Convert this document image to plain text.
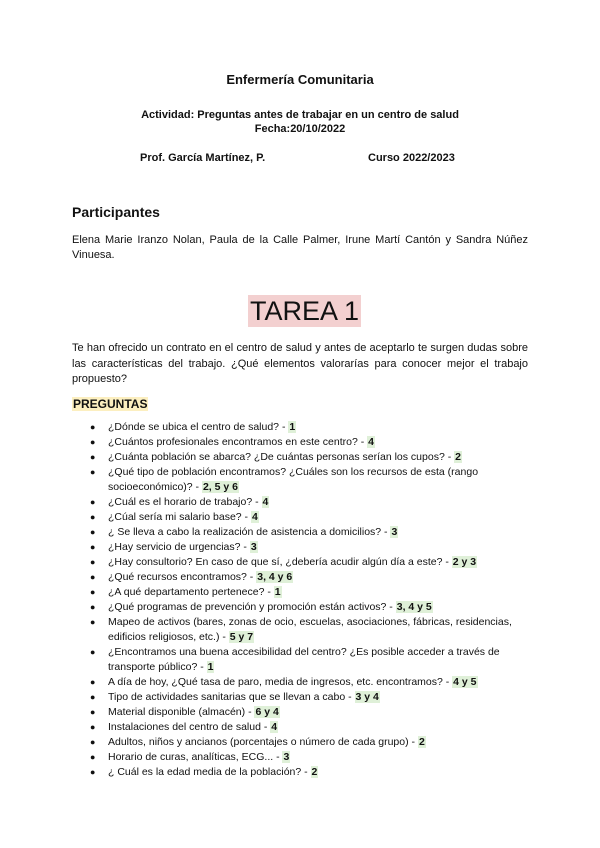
Enfermería Comunitaria
Actividad: Preguntas antes de trabajar en un centro de salud
Fecha:20/10/2022
Prof. García Martínez, P.	Curso 2022/2023
Participantes
Elena Marie Iranzo Nolan, Paula de la Calle Palmer, Irune Martí Cantón y Sandra Núñez Vinuesa.
TAREA 1
Te han ofrecido un contrato en el centro de salud y antes de aceptarlo te surgen dudas sobre las características del trabajo. ¿Qué elementos valorarías para conocer mejor el trabajo propuesto?
PREGUNTAS
● ¿Dónde se ubica el centro de salud? - 1
● ¿Cuántos profesionales encontramos en este centro? - 4
● ¿Cuánta población se abarca? ¿De cuántas personas serían los cupos? - 2
● ¿Qué tipo de población encontramos? ¿Cuáles son los recursos de esta (rango socioeconómico)? - 2, 5 y 6
● ¿Cuál es el horario de trabajo? - 4
● ¿Cúal sería mi salario base? - 4
● ¿ Se lleva a cabo la realización de asistencia a domicilios? - 3
● ¿Hay servicio de urgencias? - 3
● ¿Hay consultorio? En caso de que sí, ¿debería acudir algún día a este? - 2 y 3
● ¿Qué recursos encontramos? - 3, 4 y 6
● ¿A qué departamento pertenece? - 1
● ¿Qué programas de prevención y promoción están activos? - 3, 4 y 5
● Mapeo de activos (bares, zonas de ocio, escuelas, asociaciones, fábricas, residencias, edificios religiosos, etc.) - 5 y 7
● ¿Encontramos una buena accesibilidad del centro? ¿Es posible acceder a través de transporte público? - 1
● A día de hoy, ¿Qué tasa de paro, media de ingresos, etc. encontramos? - 4 y 5
● Tipo de actividades sanitarias que se llevan a cabo - 3 y 4
● Material disponible (almacén) - 6 y 4
● Instalaciones del centro de salud - 4
● Adultos, niños y ancianos (porcentajes o número de cada grupo) - 2
● Horario de curas, analíticas, ECG... - 3
● ¿ Cuál es la edad media de la población? - 2
